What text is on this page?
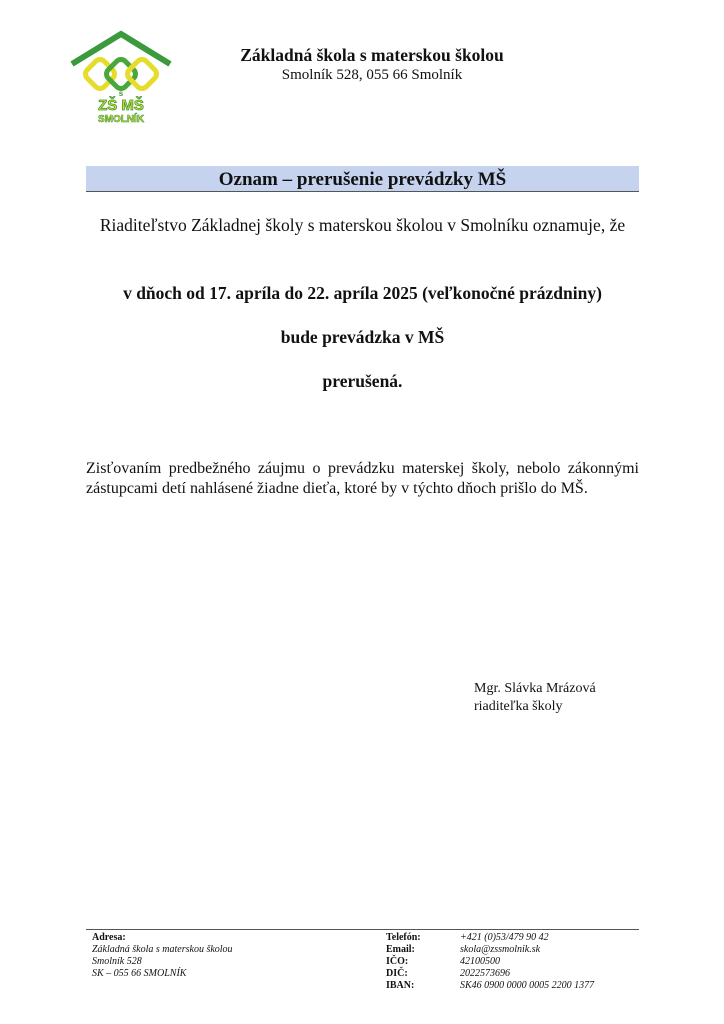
s
ZŠ MŠ
SMOLNÍK
Základná škola s materskou školou
Smolník 528, 055 66 Smolník
Oznam – prerušenie prevádzky MŠ
Riaditeľstvo Základnej školy s materskou školou v Smolníku oznamuje, že
v dňoch od 17. apríla do 22. apríla 2025 (veľkonočné prázdniny)
bude prevádzka v MŠ
prerušená.
Zisťovaním predbežného záujmu o prevádzku materskej školy, nebolo zákonnými zástupcami detí nahlásené žiadne dieťa, ktoré by v týchto dňoch prišlo do MŠ.
Mgr. Slávka Mrázová
riaditeľka školy
Adresa:
Základná škola s materskou školou
Smolník 528
SK – 055 66 SMOLNÍK
Telefón:	+421 (0)53/479 90 42
Email:	skola@zssmolnik.sk
IČO:	42100500
DIČ:	2022573696
IBAN:	SK46 0900 0000 0005 2200 1377
